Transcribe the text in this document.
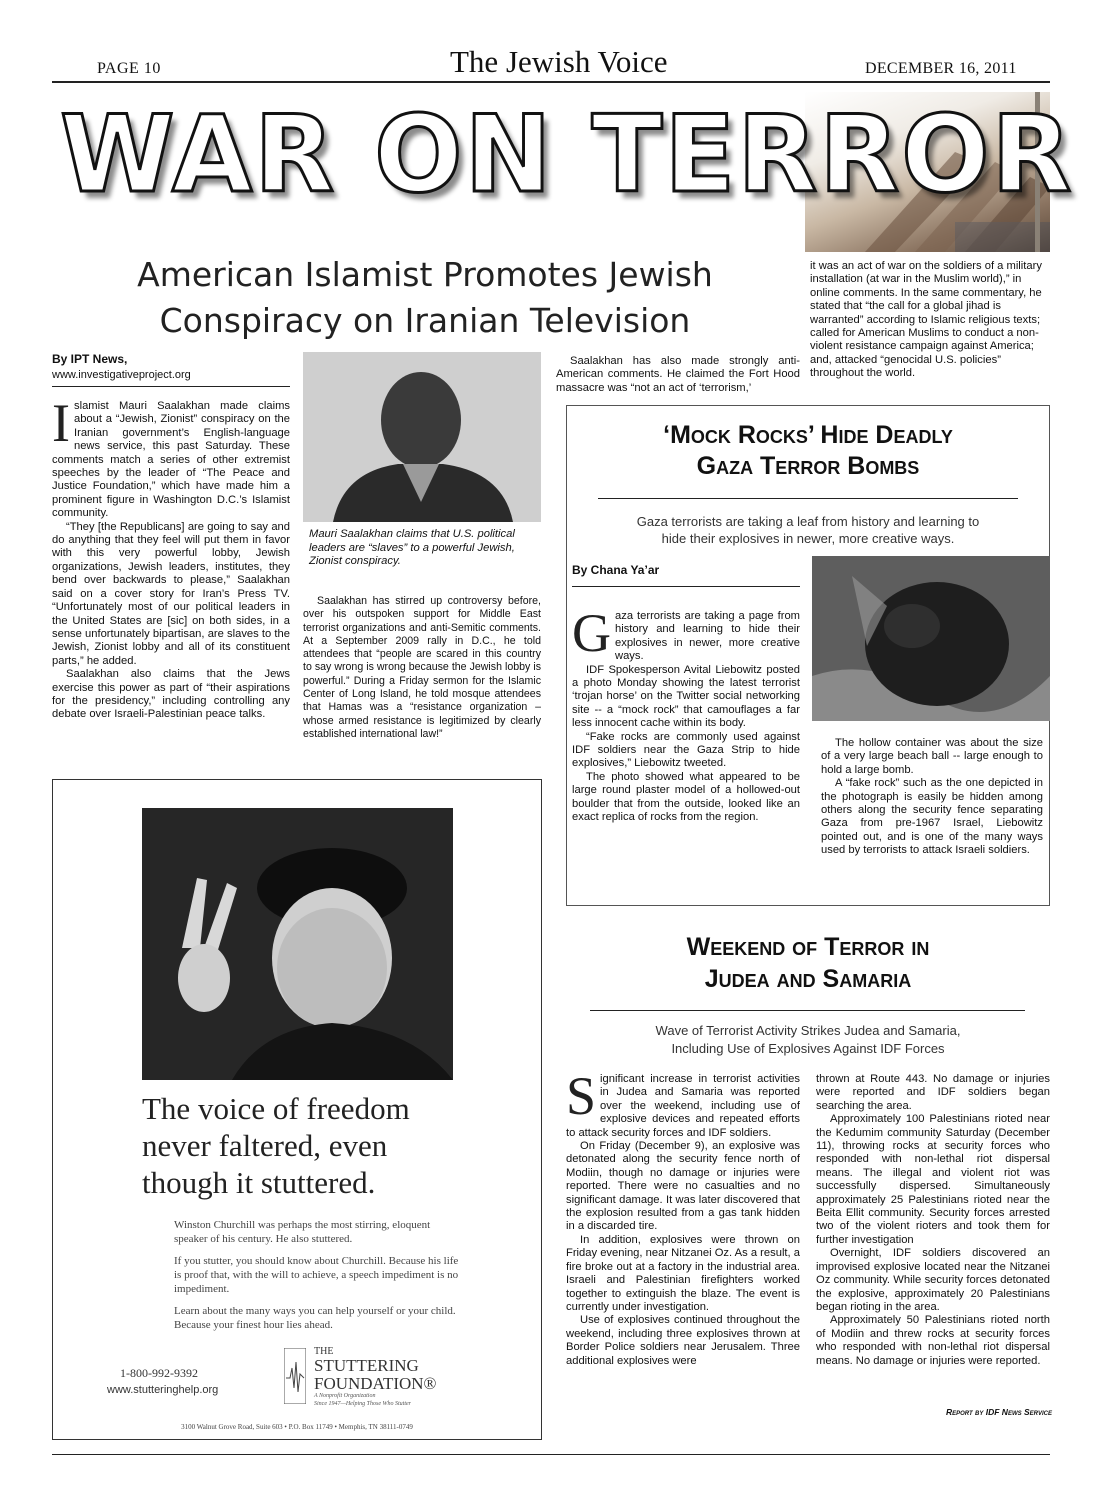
PAGE 10	The Jewish Voice	DECEMBER 16, 2011
WAR ON TERROR
American Islamist Promotes Jewish
Conspiracy on Iranian Television
By IPT News,
www.investigativeproject.org

Islamist Mauri Saalakhan made claims about a “Jewish, Zionist” conspiracy on the Iranian government’s English-language news service, this past Saturday. These comments match a series of other extremist speeches by the leader of “The Peace and Justice Foundation,” which have made him a prominent figure in Washington D.C.’s Islamist community.

“They [the Republicans] are going to say and do anything that they feel will put them in favor with this very powerful lobby, Jewish organizations, Jewish leaders, institutes, they bend over backwards to please,” Saalakhan said on a cover story for Iran’s Press TV. “Unfortunately most of our political leaders in the United States are [sic] on both sides, in a sense unfortunately bipartisan, are slaves to the Jewish, Zionist lobby and all of its constituent parts,” he added.

Saalakhan also claims that the Jews exercise this power as part of “their aspirations for the presidency,” including controlling any debate over Israeli-Palestinian peace talks.

Mauri Saalakhan claims that U.S. political leaders are “slaves” to a powerful Jewish, Zionist conspiracy.

Saalakhan has stirred up controversy before, over his outspoken support for Middle East terrorist organizations and anti-Semitic comments. At a September 2009 rally in D.C., he told attendees that “people are scared in this country to say wrong is wrong because the Jewish lobby is powerful.” During a Friday sermon for the Islamic Center of Long Island, he told mosque attendees that Hamas was a “resistance organization – whose armed resistance is legitimized by clearly established international law!”

Saalakhan has also made strongly anti-American comments. He claimed the Fort Hood massacre was “not an act of ‘terrorism,’

it was an act of war on the soldiers of a military installation (at war in the Muslim world),” in online comments. In the same commentary, he stated that “the call for a global jihad is warranted” according to Islamic religious texts; called for American Muslims to conduct a non-violent resistance campaign against America; and, attacked “genocidal U.S. policies” throughout the world.

‘Mock Rocks’ Hide Deadly
Gaza Terror Bombs
Gaza terrorists are taking a leaf from history and learning to
hide their explosives in newer, more creative ways.
By Chana Ya’ar

Gaza terrorists are taking a page from history and learning to hide their explosives in newer, more creative ways.

IDF Spokesperson Avital Liebowitz posted a photo Monday showing the latest terrorist ‘trojan horse’ on the Twitter social networking site -- a “mock rock” that camouflages a far less innocent cache within its body.

“Fake rocks are commonly used against IDF soldiers near the Gaza Strip to hide explosives,” Liebowitz tweeted.

The photo showed what appeared to be large round plaster model of a hollowed-out boulder that from the outside, looked like an exact replica of rocks from the region.

The hollow container was about the size of a very large beach ball -- large enough to hold a large bomb.

A “fake rock” such as the one depicted in the photograph is easily be hidden among others along the security fence separating Gaza from pre-1967 Israel, Liebowitz pointed out, and is one of the many ways used by terrorists to attack Israeli soldiers.

Weekend of Terror in
Judea and Samaria
Wave of Terrorist Activity Strikes Judea and Samaria,
Including Use of Explosives Against IDF Forces

Significant increase in terrorist activities in Judea and Samaria was reported over the weekend, including use of explosive devices and repeated efforts to attack security forces and IDF soldiers.

On Friday (December 9), an explosive was detonated along the security fence north of Modiin, though no damage or injuries were reported. There were no casualties and no significant damage. It was later discovered that the explosion resulted from a gas tank hidden in a discarded tire.

In addition, explosives were thrown on Friday evening, near Nitzanei Oz. As a result, a fire broke out at a factory in the industrial area. Israeli and Palestinian firefighters worked together to extinguish the blaze. The event is currently under investigation.

Use of explosives continued throughout the weekend, including three explosives thrown at Border Police soldiers near Jerusalem. Three additional explosives were

thrown at Route 443. No damage or injuries were reported and IDF soldiers began searching the area.

Approximately 100 Palestinians rioted near the Kedumim community Saturday (December 11), throwing rocks at security forces who responded with non-lethal riot dispersal means. The illegal and violent riot was successfully dispersed. Simultaneously approximately 25 Palestinians rioted near the Beita Ellit community. Security forces arrested two of the violent rioters and took them for further investigation

Overnight, IDF soldiers discovered an improvised explosive located near the Nitzanei Oz community. While security forces detonated the explosive, approximately 20 Palestinians began rioting in the area.

Approximately 50 Palestinians rioted north of Modiin and threw rocks at security forces who responded with non-lethal riot dispersal means. No damage or injuries were reported.

Report by IDF News Service
The voice of freedom
never faltered, even
though it stuttered.
Winston Churchill was perhaps the most stirring, eloquent speaker of his century. He also stuttered.
If you stutter, you should know about Churchill. Because his life is proof that, with the will to achieve, a speech impediment is no impediment.
Learn about the many ways you can help yourself or your child. Because your finest hour lies ahead.
1-800-992-9392
www.stutteringhelp.org
THE
STUTTERING
FOUNDATION®
A Nonprofit Organization
Since 1947—Helping Those Who Stutter
3100 Walnut Grove Road, Suite 603 • P.O. Box 11749 • Memphis, TN 38111-0749
